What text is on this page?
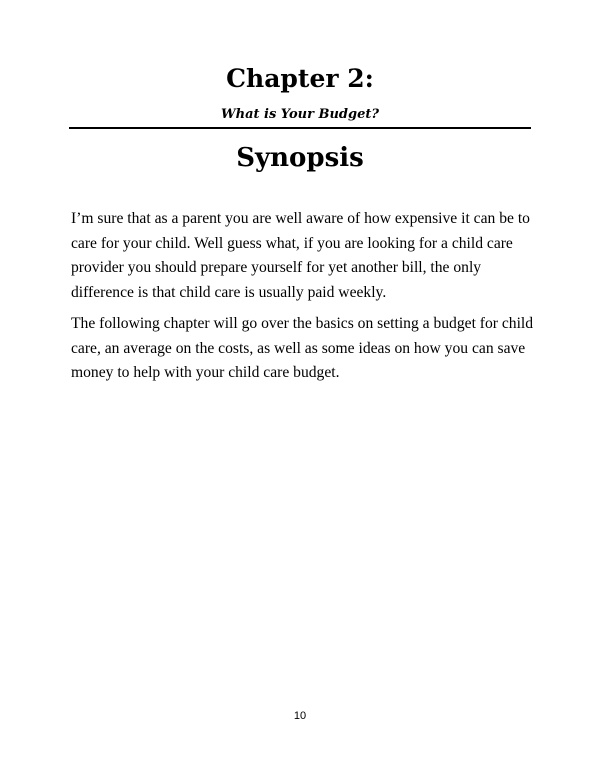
Chapter 2:
What is Your Budget?
Synopsis

I’m sure that as a parent you are well aware of how expensive it can be to care for your child. Well guess what, if you are looking for a child care provider you should prepare yourself for yet another bill, the only difference is that child care is usually paid weekly.

The following chapter will go over the basics on setting a budget for child care, an average on the costs, as well as some ideas on how you can save money to help with your child care budget.

10
